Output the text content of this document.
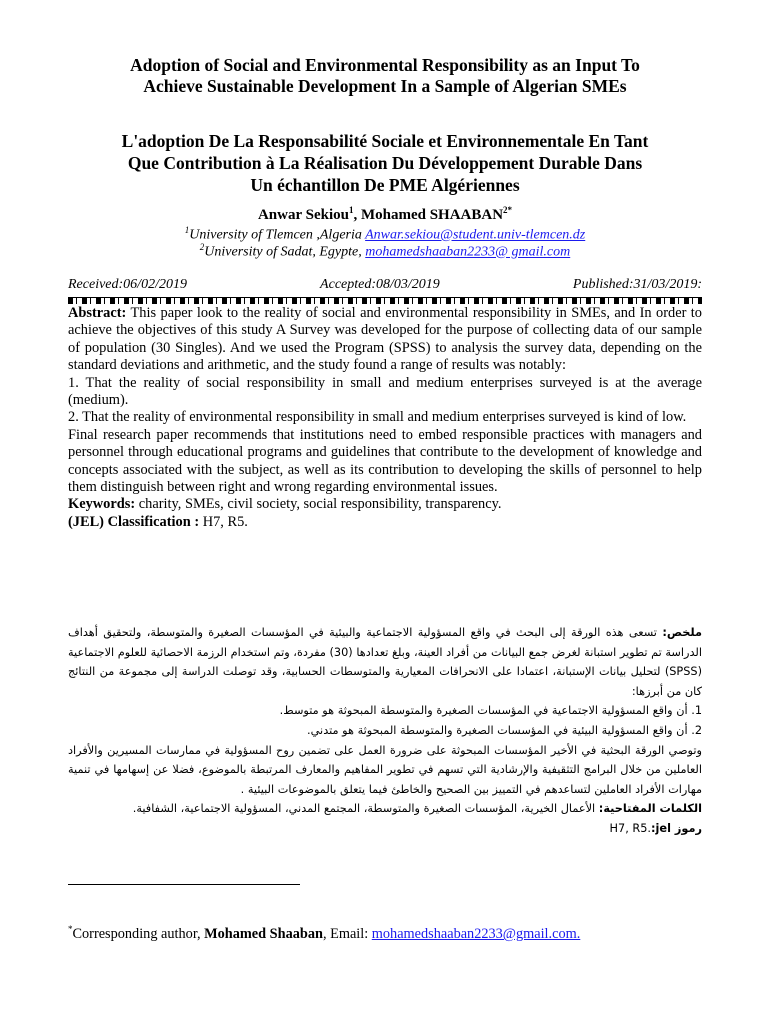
Adoption of Social and Environmental Responsibility as an Input To
Achieve Sustainable Development In a Sample of Algerian SMEs
L'adoption De La Responsabilité Sociale et Environnementale En Tant
Que Contribution à La Réalisation Du Développement Durable Dans
Un échantillon De PME Algériennes
Anwar Sekiou$^1$, Mohamed $SHAABAN^{2*}$
$^1$University of Tlemcen ,Algeria Anwar.sekiou@student.univ-tlemcen.dz
$^2$University of Sadat, Egypte, mohamedshaaban2233@ gmail.com
Received:06/02/2019	Accepted:08/03/2019	Published:31/03/2019:

Abstract: This paper look to the reality of social and environmental responsibility in SMEs, and In order to achieve the objectives of this study A Survey was developed for the purpose of collecting data of our sample of population (30 Singles). And we used the Program (SPSS) to analysis the survey data, depending on the standard deviations and arithmetic, and the study found a range of results was notably:

1. That the reality of social responsibility in small and medium enterprises surveyed is at the average (medium).

2. That the reality of environmental responsibility in small and medium enterprises surveyed is kind of low.

Final research paper recommends that institutions need to embed responsible practices with managers and personnel through educational programs and guidelines that contribute to the development of knowledge and concepts associated with the subject, as well as its contribution to developing the skills of personnel to help them distinguish between right and wrong regarding environmental issues.

Keywords: charity, SMEs, civil society, social responsibility, transparency.

(JEL) Classification : H7, R5.

ملخص: تسعى هذه الورقة إلى البحث في واقع المسؤولية الاجتماعية والبيئية في المؤسسات الصغيرة والمتوسطة، ولتحقيق أهداف الدراسة تم تطوير استبانة لغرض جمع البيانات من أفراد العينة، وبلغ تعدادها (30) مفردة، وتم استخدام الرزمة الاحصائية للعلوم الاجتماعية (SPSS) لتحليل بيانات الإستبانة، اعتمادا على الانحرافات المعيارية والمتوسطات الحسابية، وقد توصلت الدراسة إلى مجموعة من النتائج كان من أبرزها:

1. أن واقع المسؤولية الاجتماعية في المؤسسات الصغيرة والمتوسطة المبحوثة هو متوسط.

2. أن واقع المسؤولية البيئية في المؤسسات الصغيرة والمتوسطة المبحوثة هو متدني.

وتوصي الورقة البحثية في الأخير المؤسسات المبحوثة على ضرورة العمل على تضمين روح المسؤولية في ممارسات المسيرين والأفراد العاملين من خلال البرامج التثقيفية والإرشادية التي تسهم في تطوير المفاهيم والمعارف المرتبطة بالموضوع، فضلا عن إسهامها في تنمية مهارات الأفراد العاملين لتساعدهم في التمييز بين الصحيح والخاطئ فيما يتعلق بالموضوعات البيئية .

الكلمات المفتاحية: الأعمال الخيرية، المؤسسات الصغيرة والمتوسطة، المجتمع المدني، المسؤولية الاجتماعية، الشفافية.

رموز jel: H7, R5.

*Corresponding author, Mohamed Shaaban, Email: mohamedshaaban2233@gmail.com.
